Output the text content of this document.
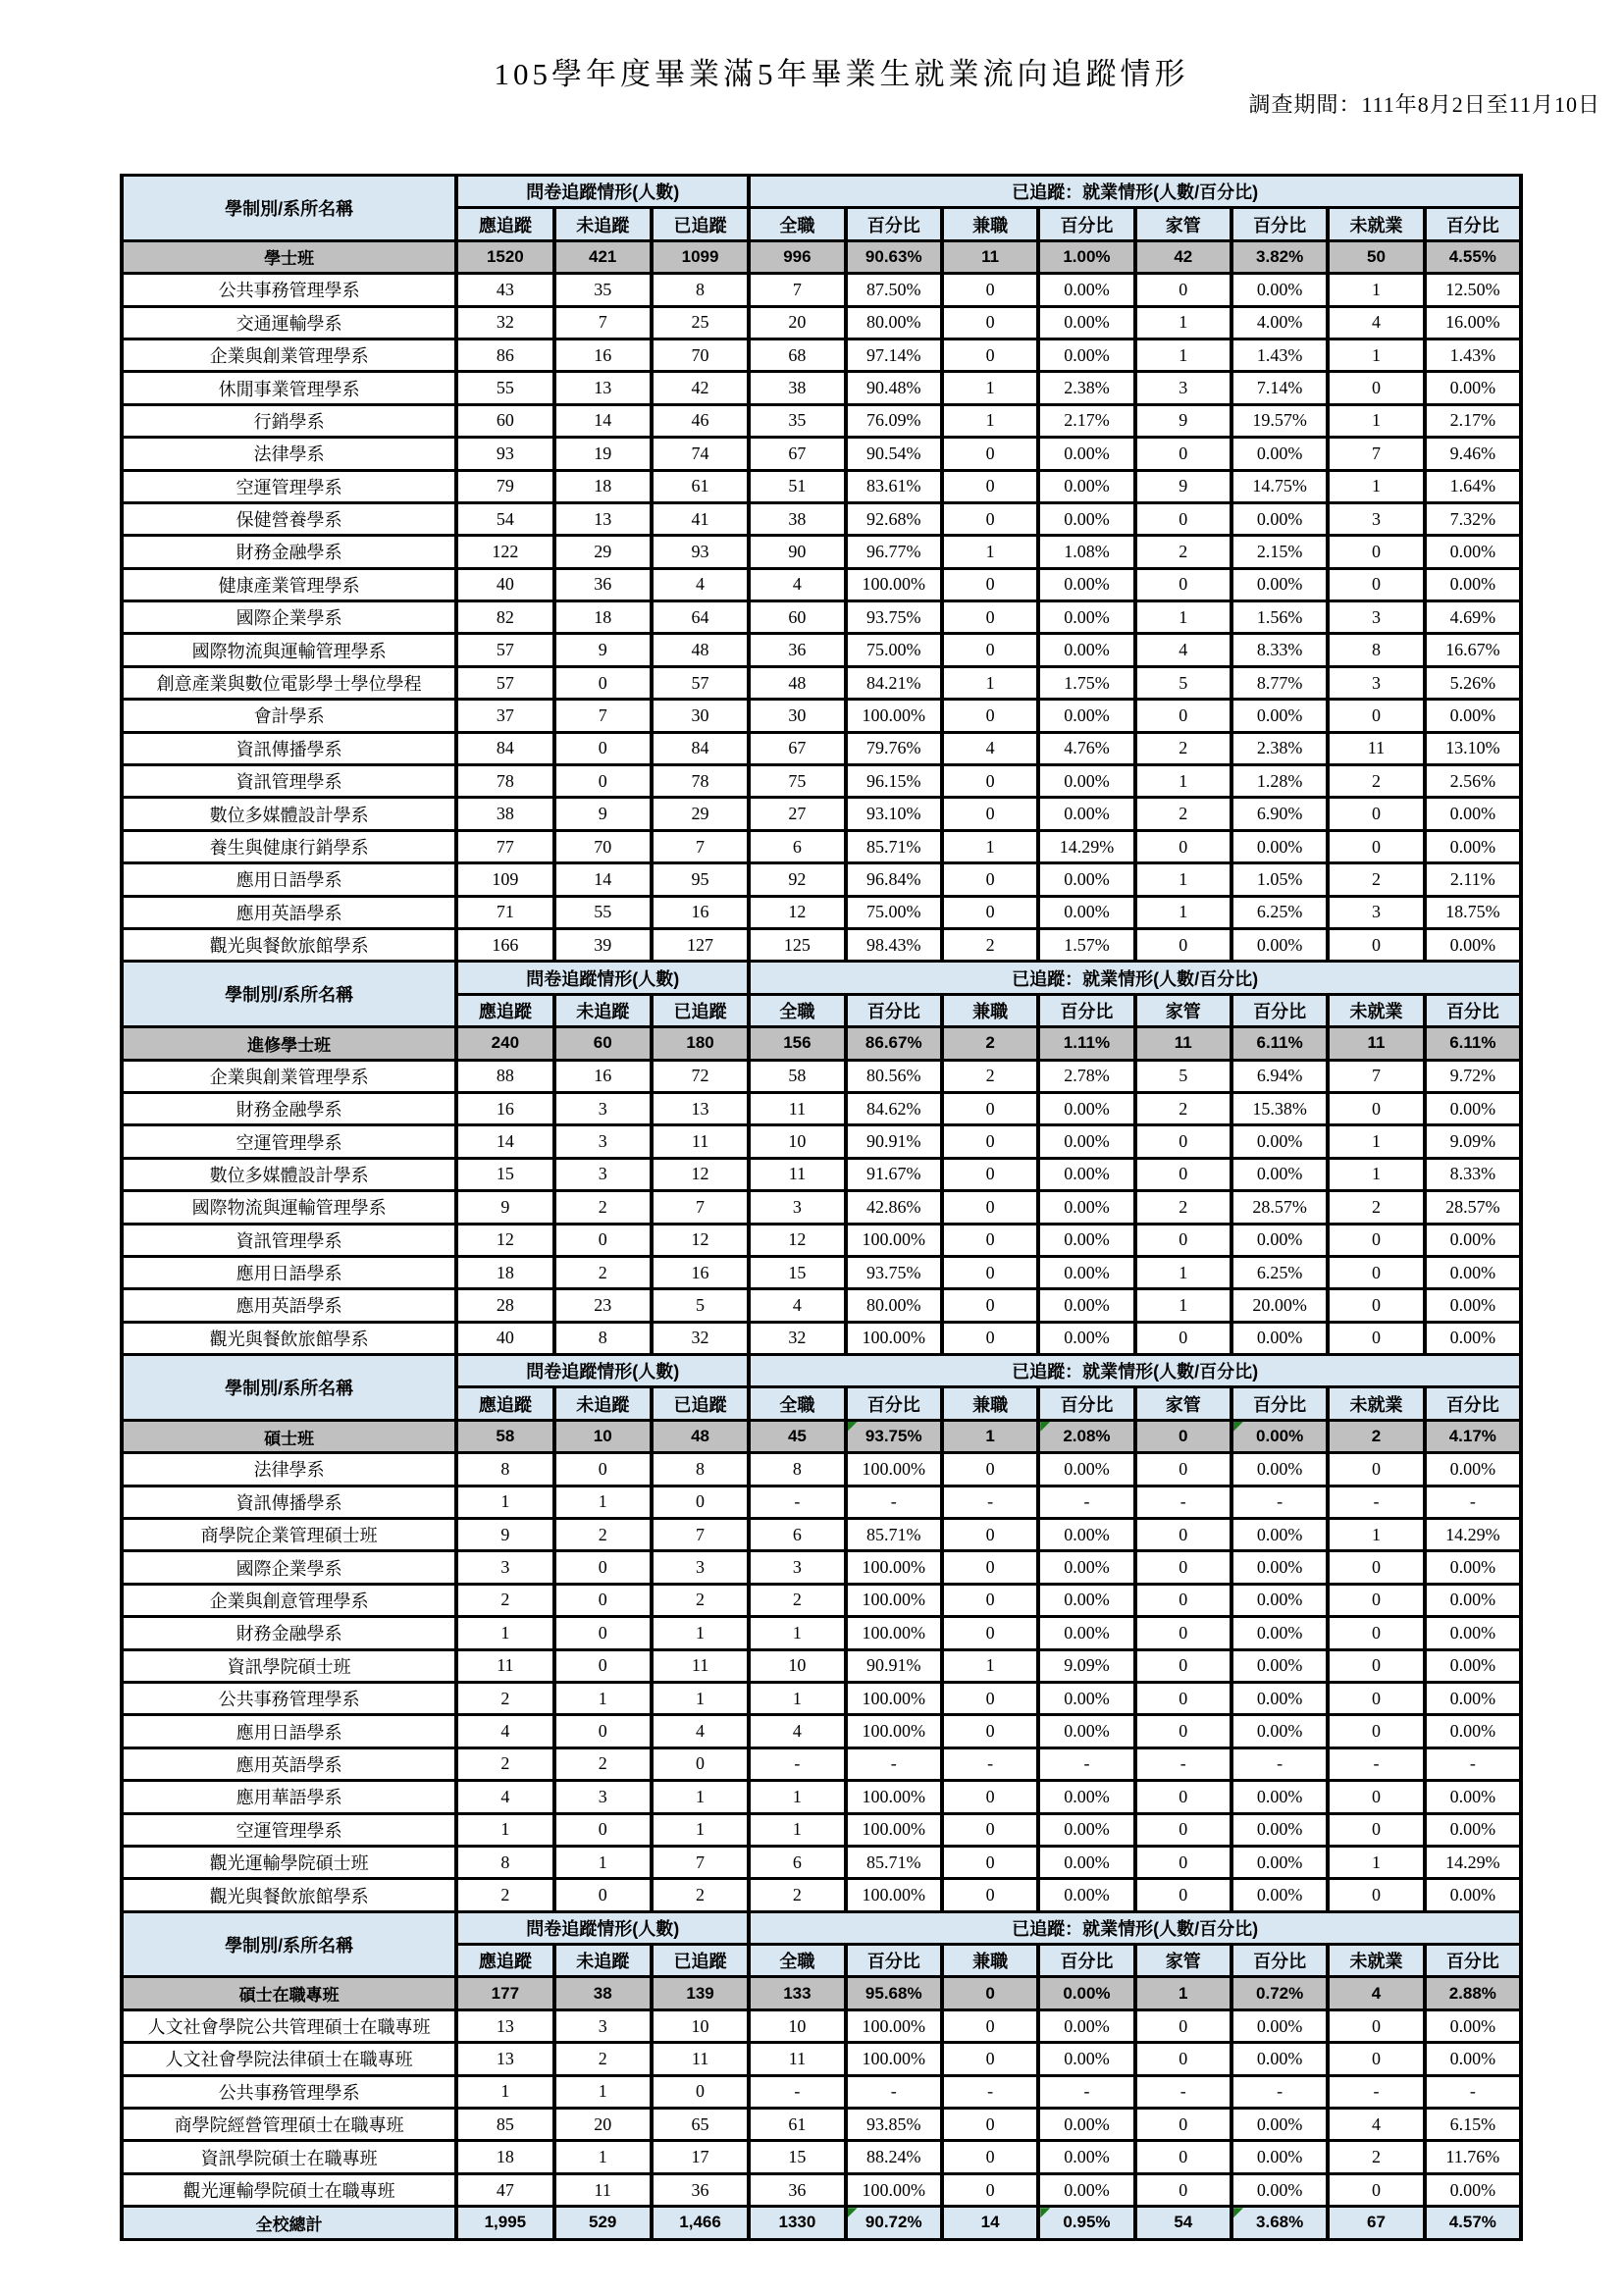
105學年度畢業滿5年畢業生就業流向追蹤情形
調查期間：111年8月2日至11月10日
學制別/系所名稱	問卷追蹤情形(人數)			已追蹤：就業情形(人數/百分比)							
	應追蹤	未追蹤	已追蹤	全職	百分比	兼職	百分比	家管	百分比	未就業	百分比
學士班	1520	421	1099	996	90.63%	11	1.00%	42	3.82%	50	4.55%
公共事務管理學系	43	35	8	7	87.50%	0	0.00%	0	0.00%	1	12.50%
交通運輸學系	32	7	25	20	80.00%	0	0.00%	1	4.00%	4	16.00%
企業與創業管理學系	86	16	70	68	97.14%	0	0.00%	1	1.43%	1	1.43%
休閒事業管理學系	55	13	42	38	90.48%	1	2.38%	3	7.14%	0	0.00%
行銷學系	60	14	46	35	76.09%	1	2.17%	9	19.57%	1	2.17%
法律學系	93	19	74	67	90.54%	0	0.00%	0	0.00%	7	9.46%
空運管理學系	79	18	61	51	83.61%	0	0.00%	9	14.75%	1	1.64%
保健營養學系	54	13	41	38	92.68%	0	0.00%	0	0.00%	3	7.32%
財務金融學系	122	29	93	90	96.77%	1	1.08%	2	2.15%	0	0.00%
健康產業管理學系	40	36	4	4	100.00%	0	0.00%	0	0.00%	0	0.00%
國際企業學系	82	18	64	60	93.75%	0	0.00%	1	1.56%	3	4.69%
國際物流與運輸管理學系	57	9	48	36	75.00%	0	0.00%	4	8.33%	8	16.67%
創意產業與數位電影學士學位學程	57	0	57	48	84.21%	1	1.75%	5	8.77%	3	5.26%
會計學系	37	7	30	30	100.00%	0	0.00%	0	0.00%	0	0.00%
資訊傳播學系	84	0	84	67	79.76%	4	4.76%	2	2.38%	11	13.10%
資訊管理學系	78	0	78	75	96.15%	0	0.00%	1	1.28%	2	2.56%
數位多媒體設計學系	38	9	29	27	93.10%	0	0.00%	2	6.90%	0	0.00%
養生與健康行銷學系	77	70	7	6	85.71%	1	14.29%	0	0.00%	0	0.00%
應用日語學系	109	14	95	92	96.84%	0	0.00%	1	1.05%	2	2.11%
應用英語學系	71	55	16	12	75.00%	0	0.00%	1	6.25%	3	18.75%
觀光與餐飲旅館學系	166	39	127	125	98.43%	2	1.57%	0	0.00%	0	0.00%
學制別/系所名稱	問卷追蹤情形(人數)			已追蹤：就業情形(人數/百分比)							
	應追蹤	未追蹤	已追蹤	全職	百分比	兼職	百分比	家管	百分比	未就業	百分比
進修學士班	240	60	180	156	86.67%	2	1.11%	11	6.11%	11	6.11%
企業與創業管理學系	88	16	72	58	80.56%	2	2.78%	5	6.94%	7	9.72%
財務金融學系	16	3	13	11	84.62%	0	0.00%	2	15.38%	0	0.00%
空運管理學系	14	3	11	10	90.91%	0	0.00%	0	0.00%	1	9.09%
數位多媒體設計學系	15	3	12	11	91.67%	0	0.00%	0	0.00%	1	8.33%
國際物流與運輸管理學系	9	2	7	3	42.86%	0	0.00%	2	28.57%	2	28.57%
資訊管理學系	12	0	12	12	100.00%	0	0.00%	0	0.00%	0	0.00%
應用日語學系	18	2	16	15	93.75%	0	0.00%	1	6.25%	0	0.00%
應用英語學系	28	23	5	4	80.00%	0	0.00%	1	20.00%	0	0.00%
觀光與餐飲旅館學系	40	8	32	32	100.00%	0	0.00%	0	0.00%	0	0.00%
學制別/系所名稱	問卷追蹤情形(人數)			已追蹤：就業情形(人數/百分比)							
	應追蹤	未追蹤	已追蹤	全職	百分比	兼職	百分比	家管	百分比	未就業	百分比
碩士班	58	10	48	45	93.75%	1	2.08%	0	0.00%	2	4.17%
法律學系	8	0	8	8	100.00%	0	0.00%	0	0.00%	0	0.00%
資訊傳播學系	1	1	0	-	-	-	-	-	-	-	-
商學院企業管理碩士班	9	2	7	6	85.71%	0	0.00%	0	0.00%	1	14.29%
國際企業學系	3	0	3	3	100.00%	0	0.00%	0	0.00%	0	0.00%
企業與創意管理學系	2	0	2	2	100.00%	0	0.00%	0	0.00%	0	0.00%
財務金融學系	1	0	1	1	100.00%	0	0.00%	0	0.00%	0	0.00%
資訊學院碩士班	11	0	11	10	90.91%	1	9.09%	0	0.00%	0	0.00%
公共事務管理學系	2	1	1	1	100.00%	0	0.00%	0	0.00%	0	0.00%
應用日語學系	4	0	4	4	100.00%	0	0.00%	0	0.00%	0	0.00%
應用英語學系	2	2	0	-	-	-	-	-	-	-	-
應用華語學系	4	3	1	1	100.00%	0	0.00%	0	0.00%	0	0.00%
空運管理學系	1	0	1	1	100.00%	0	0.00%	0	0.00%	0	0.00%
觀光運輸學院碩士班	8	1	7	6	85.71%	0	0.00%	0	0.00%	1	14.29%
觀光與餐飲旅館學系	2	0	2	2	100.00%	0	0.00%	0	0.00%	0	0.00%
學制別/系所名稱	問卷追蹤情形(人數)			已追蹤：就業情形(人數/百分比)							
	應追蹤	未追蹤	已追蹤	全職	百分比	兼職	百分比	家管	百分比	未就業	百分比
碩士在職專班	177	38	139	133	95.68%	0	0.00%	1	0.72%	4	2.88%
人文社會學院公共管理碩士在職專班	13	3	10	10	100.00%	0	0.00%	0	0.00%	0	0.00%
人文社會學院法律碩士在職專班	13	2	11	11	100.00%	0	0.00%	0	0.00%	0	0.00%
公共事務管理學系	1	1	0	-	-	-	-	-	-	-	-
商學院經營管理碩士在職專班	85	20	65	61	93.85%	0	0.00%	0	0.00%	4	6.15%
資訊學院碩士在職專班	18	1	17	15	88.24%	0	0.00%	0	0.00%	2	11.76%
觀光運輸學院碩士在職專班	47	11	36	36	100.00%	0	0.00%	0	0.00%	0	0.00%
全校總計	1,995	529	1,466	1330	90.72%	14	0.95%	54	3.68%	67	4.57%
